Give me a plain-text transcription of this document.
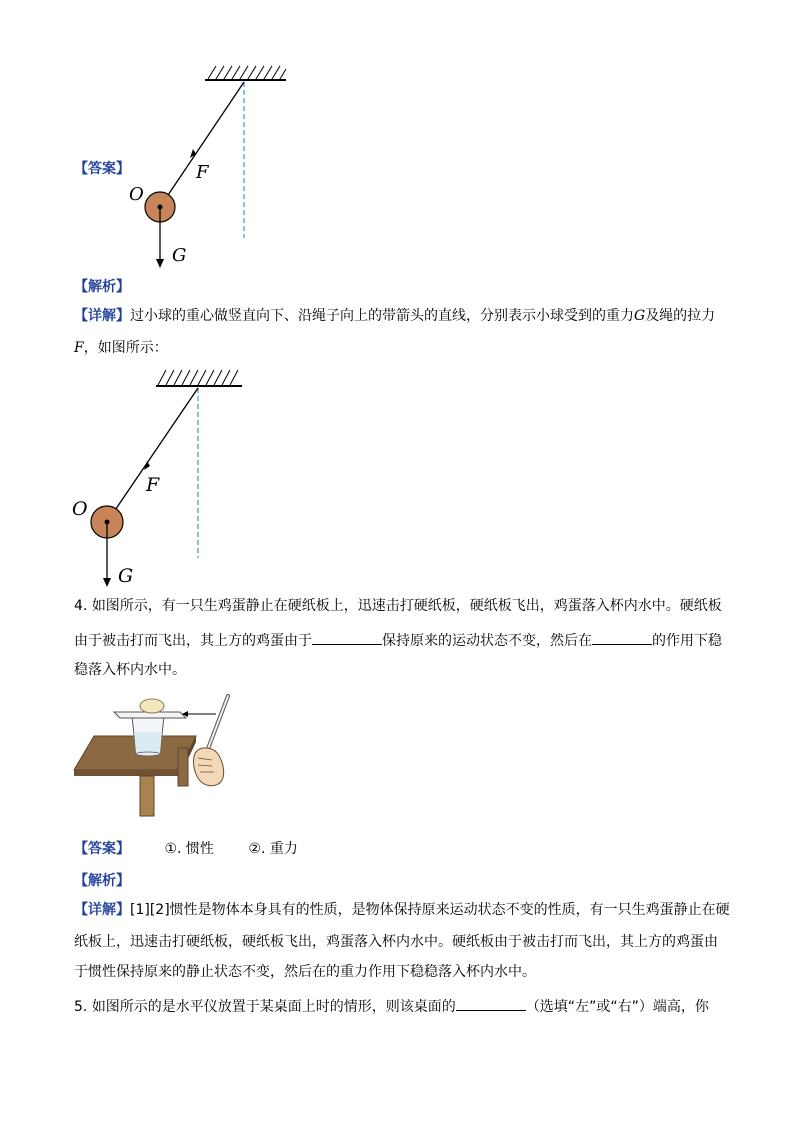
O
F
G
【答案】
【解析】
【详解】过小球的重心做竖直向下、沿绳子向上的带箭头的直线，分别表示小球受到的重力G及绳的拉力
F，如图所示：
O
F
G
4. 如图所示，有一只生鸡蛋静止在硬纸板上，迅速击打硬纸板，硬纸板飞出，鸡蛋落入杯内水中。硬纸板
由于被击打而飞出，其上方的鸡蛋由于	保持原来的运动状态不变，然后在	的作用下稳
稳落入杯内水中。
【答案】 ①. 惯性 ②. 重力
【解析】
【详解】[1][2]惯性是物体本身具有的性质，是物体保持原来运动状态不变的性质，有一只生鸡蛋静止在硬
纸板上，迅速击打硬纸板，硬纸板飞出，鸡蛋落入杯内水中。硬纸板由于被击打而飞出，其上方的鸡蛋由
于惯性保持原来的静止状态不变，然后在的重力作用下稳稳落入杯内水中。
5. 如图所示的是水平仪放置于某桌面上时的情形，则该桌面的	（选填“左”或“右”）端高，你
